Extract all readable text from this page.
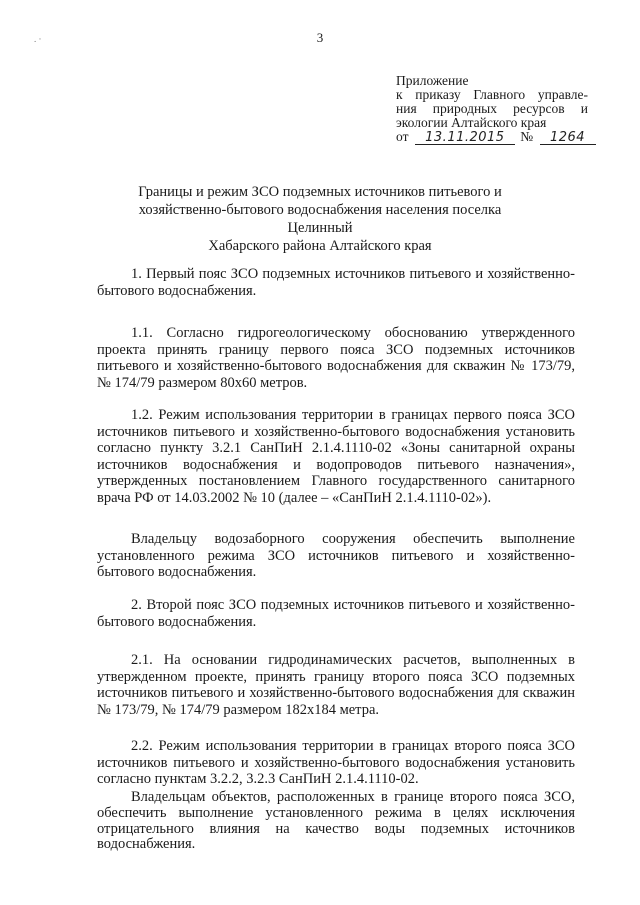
3
. ·
Приложение
к приказу Главного управле-
ния природных ресурсов и
экологии Алтайского края
от 13.11.2015 № 1264
Границы и режим ЗСО подземных источников питьевого и
хозяйственно-бытового водоснабжения населения поселка Целинный
Хабарского района Алтайского края
1. Первый пояс ЗСО подземных источников питьевого и хозяйственно-бытового водоснабжения.
1.1. Согласно гидрогеологическому обоснованию утвержденного проекта принять границу первого пояса ЗСО подземных источников питьевого и хозяйственно-бытового водоснабжения для скважин № 173/79, № 174/79 размером 80х60 метров.
1.2. Режим использования территории в границах первого пояса ЗСО источников питьевого и хозяйственно-бытового водоснабжения установить согласно пункту 3.2.1 СанПиН 2.1.4.1110-02 «Зоны санитарной охраны источников водоснабжения и водопроводов питьевого назначения», утвержденных постановлением Главного государственного санитарного врача РФ от 14.03.2002 № 10 (далее – «СанПиН 2.1.4.1110-02»).
Владельцу водозаборного сооружения обеспечить выполнение установленного режима ЗСО источников питьевого и хозяйственно-бытового водоснабжения.
2. Второй пояс ЗСО подземных источников питьевого и хозяйственно-бытового водоснабжения.
2.1. На основании гидродинамических расчетов, выполненных в утвержденном проекте, принять границу второго пояса ЗСО подземных источников питьевого и хозяйственно-бытового водоснабжения для скважин № 173/79, № 174/79 размером 182х184 метра.
2.2. Режим использования территории в границах второго пояса ЗСО источников питьевого и хозяйственно-бытового водоснабжения установить согласно пунктам 3.2.2, 3.2.3 СанПиН 2.1.4.1110-02.
Владельцам объектов, расположенных в границе второго пояса ЗСО, обеспечить выполнение установленного режима в целях исключения отрицательного влияния на качество воды подземных источников водоснабжения.
